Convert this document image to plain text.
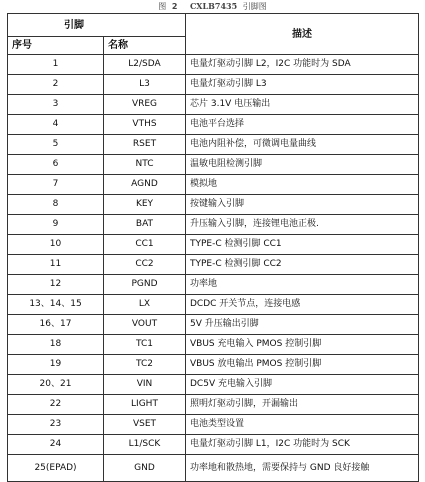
图 2 CXLB7435 引脚图
引脚		描述
序号	名称	
1	L2/SDA	电量灯驱动引脚 L2，I2C 功能时为 SDA
2	L3	电量灯驱动引脚 L3
3	VREG	芯片 3.1V 电压输出
4	VTHS	电池平台选择
5	RSET	电池内阻补偿，可微调电量曲线
6	NTC	温敏电阻检测引脚
7	AGND	模拟地
8	KEY	按键输入引脚
9	BAT	升压输入引脚，连接锂电池正极.
10	CC1	TYPE-C 检测引脚 CC1
11	CC2	TYPE-C 检测引脚 CC2
12	PGND	功率地
13、14、15	LX	DCDC 开关节点，连接电感
16、17	VOUT	5V 升压输出引脚
18	TC1	VBUS 充电输入 PMOS 控制引脚
19	TC2	VBUS 放电输出 PMOS 控制引脚
20、21	VIN	DC5V 充电输入引脚
22	LIGHT	照明灯驱动引脚，开漏输出
23	VSET	电池类型设置
24	L1/SCK	电量灯驱动引脚 L1，I2C 功能时为 SCK
25(EPAD)	GND	功率地和散热地，需要保持与 GND 良好接触
